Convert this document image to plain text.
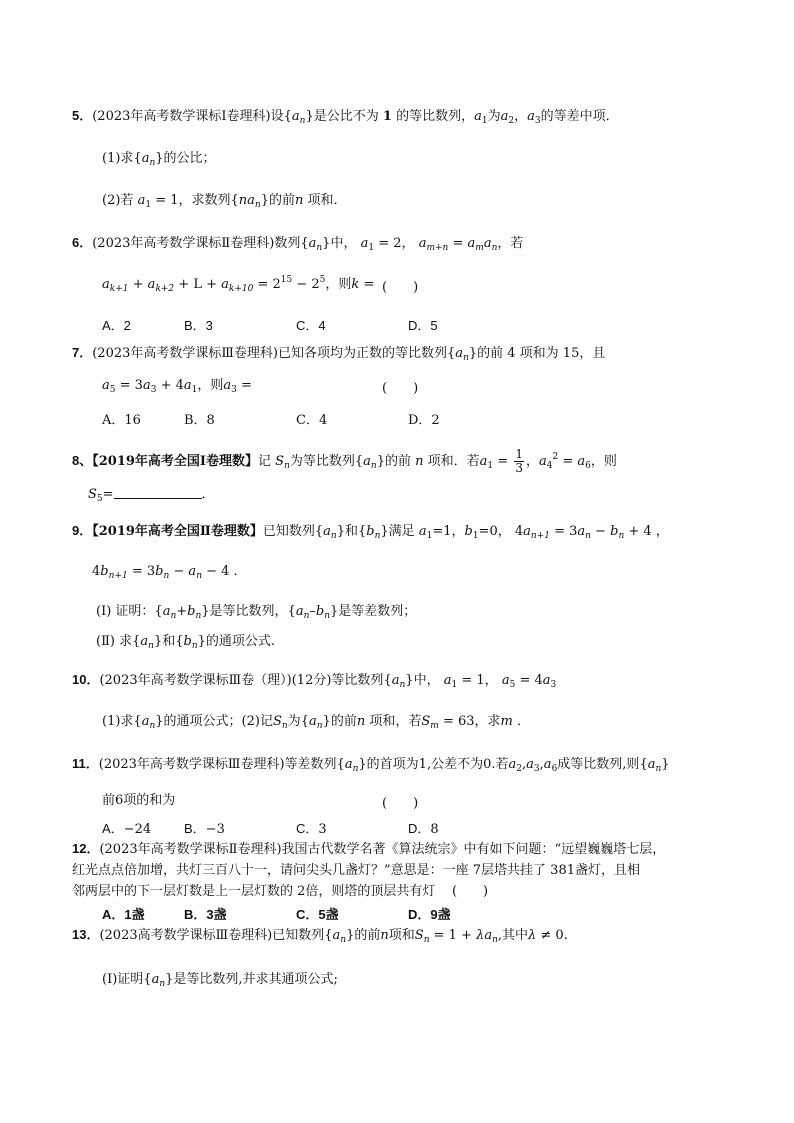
5．(2023年高考数学课标Ⅰ卷理科)设$\{a_n\}$是公比不为 1 的等比数列，$a_1$为$a_2$，$a_3$的等差中项．
(1)求$\{a_n\}$的公比；
(2)若 $a_1 = 1$，求数列$\{na_n\}$的前n 项和．
6．(2023年高考数学课标Ⅱ卷理科)数列$\{a_n\}$中， $a_1 = 2$， $a_{m+n} = a_ma_n$，若
$a_{k+1} + a_{k+2} + L + a_{k+10} = 2^{15} - 2^5$，则k = (　　)
A．2	B．3	C．4	D．5
7．(2023年高考数学课标Ⅲ卷理科)已知各项均为正数的等比数列$\{a_n\}$的前 4 项和为 15，且
$a_5 = 3a_3 + 4a_1$，则$a_3$ =	(　　)
A．16	B．8	C．4	D．2
8、【2019年高考全国Ⅰ卷理数】记 $S_n$为等比数列$\{a_n\}$的前 n 项和．若$a_1 = \frac{1}{3}$ ，$a_4^2 = a_6$，则
$S_5=$	．
9．【2019年高考全国Ⅱ卷理数】已知数列$\{a_n\}$和$\{b_n\}$满足 $a_1=1$，$b_1=0$， $4a_{n+1} = 3a_n - b_n + 4$ ，
$4b_{n+1} = 3b_n - a_n - 4$ ．
(Ⅰ) 证明：$\{a_n+b_n\}$是等比数列，$\{a_n-b_n\}$是等差数列；
(Ⅱ) 求$\{a_n\}$和$\{b_n\}$的通项公式.
10．(2023年高考数学课标Ⅲ卷（理）)(12分)等比数列$\{a_n\}$中， $a_1 = 1$， $a_5 = 4a_3$
(1)求$\{a_n\}$的通项公式；(2)记$S_n$为$\{a_n\}$的前n 项和，若$S_m = 63$，求m ．
11．(2023年高考数学课标Ⅲ卷理科)等差数列$\{a_n\}$的首项为1,公差不为0.若$a_2,a_3,a_6$成等比数列,则$\{a_n\}$
前6项的和为	(　　)
A．−24	B．−3	C．3	D．8
12．(2023年高考数学课标Ⅱ卷理科)我国古代数学名著《算法统宗》中有如下问题：“远望巍巍塔七层，
红光点点倍加增，共灯三百八十一，请问尖头几盏灯？”意思是：一座 7层塔共挂了 381盏灯，且相
邻两层中的下一层灯数是上一层灯数的 2倍，则塔的顶层共有灯 (　　)
A．1盏	B．3盏	C．5盏	D．9盏
13．(2023高考数学课标Ⅲ卷理科)已知数列$\{a_n\}$的前n项和$S_n = 1 + \lambda a_n$,其中λ ≠ 0.
(Ⅰ)证明$\{a_n\}$是等比数列,并求其通项公式;
